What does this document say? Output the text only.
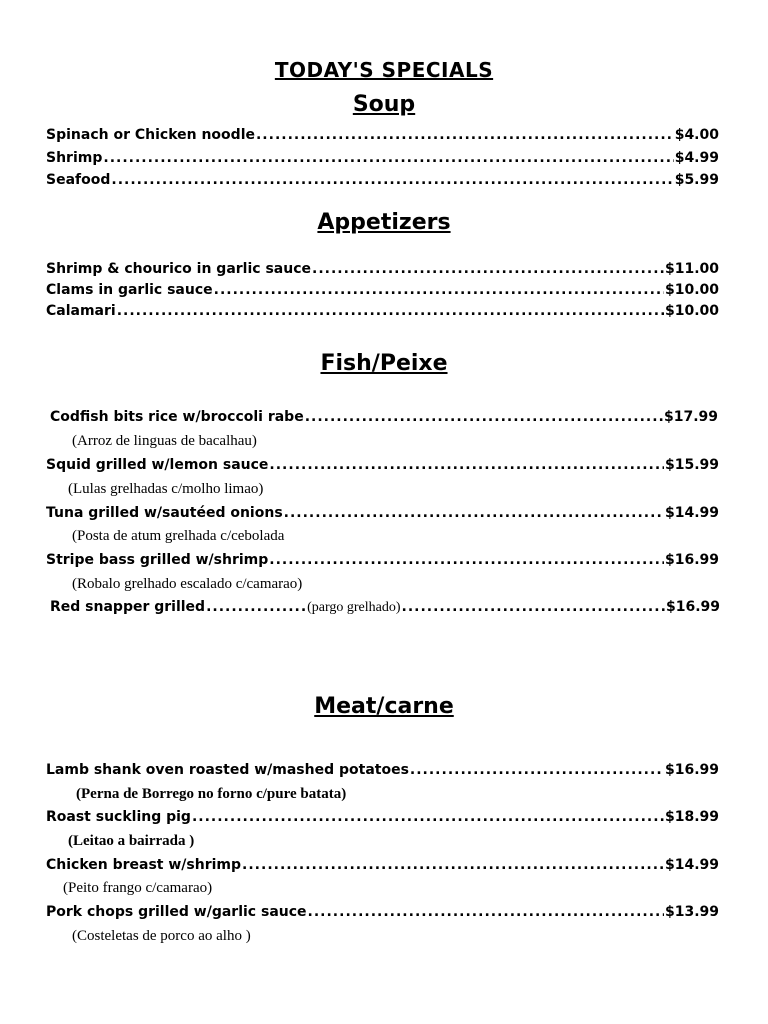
TODAY'S SPECIALS
Soup
Spinach or Chicken noodle .....	$4.00
Shrimp .....	$4.99
Seafood .....	$5.99
Appetizers
Shrimp & chourico in garlic sauce .....	$11.00
Clams in garlic sauce .....	$10.00
Calamari .....	$10.00
Fish/Peixe
Codfish bits rice w/broccoli rabe .....	$17.99
(Arroz de linguas de bacalhau)
Squid grilled w/lemon sauce .....	$15.99
(Lulas grelhadas c/molho limao)
Tuna grilled w/sautéed onions .....	$14.99
(Posta de atum grelhada c/cebolada
Stripe bass grilled w/shrimp .....	$16.99
(Robalo grelhado escalado c/camarao)
Red snapper grilled .....	(pargo grelhado) .....	$16.99
Meat/carne
Lamb shank oven roasted w/mashed potatoes .....	$16.99
(Perna de Borrego no forno c/pure batata)
Roast suckling pig .....	$18.99
(Leitao a bairrada )
Chicken breast w/shrimp .....	$14.99
(Peito frango c/camarao)
Pork chops grilled w/garlic sauce .....	$13.99
(Costeletas de porco ao alho )
